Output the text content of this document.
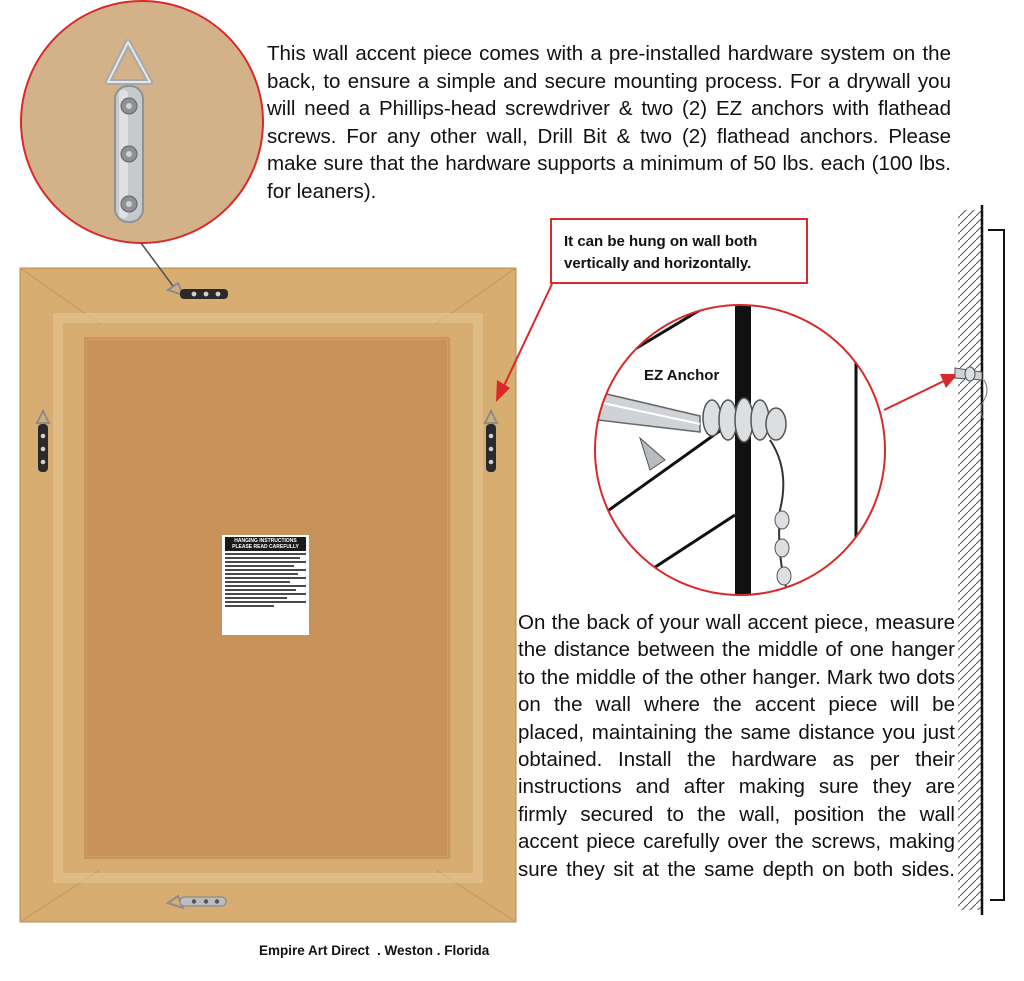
HANGING INSTRUCTIONS PLEASE READ CAREFULLY
This wall accent piece comes with a pre-installed hardware system on the back, to ensure a simple and secure mounting process. For a drywall you will need a Phillips-head screwdriver & two (2) EZ anchors with flathead screws. For any other wall, Drill Bit & two (2) flathead anchors. Please make sure that the hardware supports a minimum of 50 lbs. each (100 lbs. for leaners).
It can be hung on wall both vertically and horizontally.
EZ Anchor
On the back of your wall accent piece, measure the distance between the middle of one hanger to the middle of the other hanger. Mark two dots on the wall where the accent piece will be placed, maintaining the same distance you just obtained. Install the hardware as per their instructions and after making sure they are firmly secured to the wall, position the wall accent piece carefully over the screws, making sure they sit at the same depth on both sides.
Empire Art Direct  . Weston . Florida
